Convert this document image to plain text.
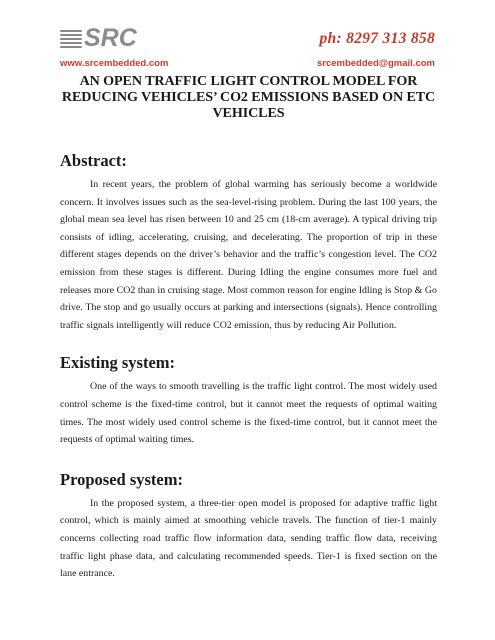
SRC	ph: 8297 313 858
www.srcembedded.com	srcembedded@gmail.com
AN OPEN TRAFFIC LIGHT CONTROL MODEL FOR REDUCING VEHICLES’ CO2 EMISSIONS BASED ON ETC VEHICLES
Abstract:

In recent years, the problem of global warming has seriously become a worldwide concern. It involves issues such as the sea-level-rising problem. During the last 100 years, the global mean sea level has risen between 10 and 25 cm (18-cm average). A typical driving trip consists of idling, accelerating, cruising, and decelerating. The proportion of trip in these different stages depends on the driver’s behavior and the traffic’s congestion level. The CO2 emission from these stages is different. During Idling the engine consumes more fuel and releases more CO2 than in cruising stage. Most common reason for engine Idling is Stop & Go drive. The stop and go usually occurs at parking and intersections (signals). Hence controlling traffic signals intelligently will reduce CO2 emission, thus by reducing Air Pollution.

Existing system:

One of the ways to smooth travelling is the traffic light control. The most widely used control scheme is the fixed-time control, but it cannot meet the requests of optimal waiting times. The most widely used control scheme is the fixed-time control, but it cannot meet the requests of optimal waiting times.

Proposed system:

In the proposed system, a three-tier open model is proposed for adaptive traffic light control, which is mainly aimed at smoothing vehicle travels. The function of tier-1 mainly concerns collecting road traffic flow information data, sending traffic flow data, receiving traffic light phase data, and calculating recommended speeds. Tier-1 is fixed section on the lane entrance.
